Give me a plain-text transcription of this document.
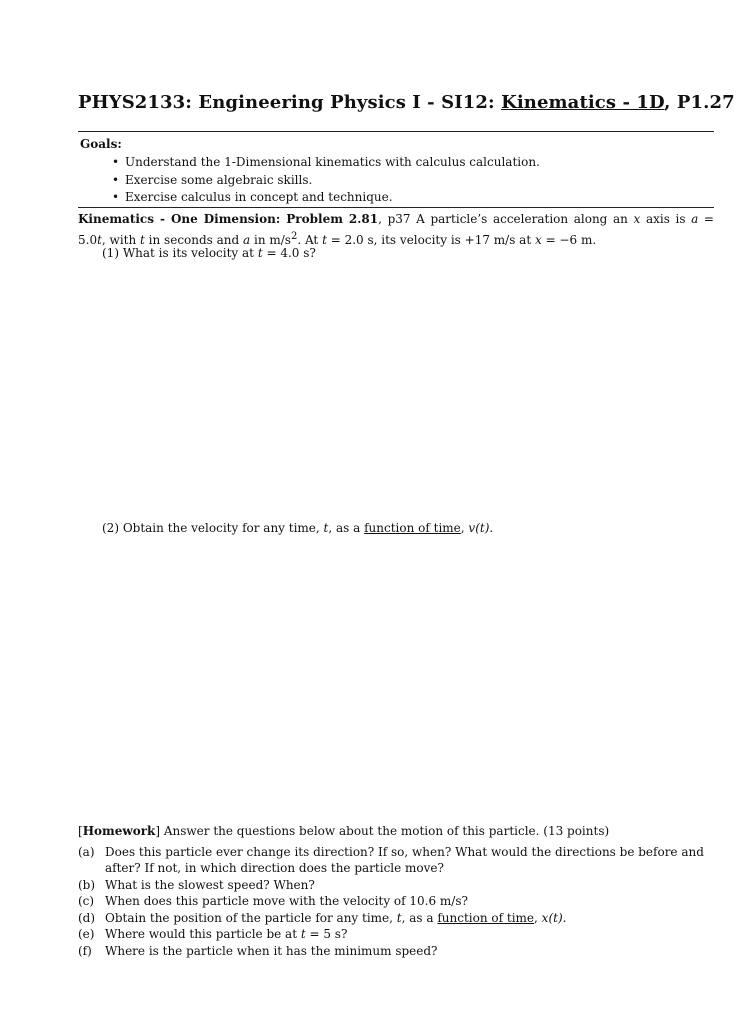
PHYS2133: Engineering Physics I - SI12: Kinematics - 1D, P1.27
Goals:
• Understand the 1-Dimensional kinematics with calculus calculation.
• Exercise some algebraic skills.
• Exercise calculus in concept and technique.
Kinematics - One Dimension: Problem 2.81, p37 A particle’s acceleration along an x axis is a = 5.0t, with t in seconds and a in $m/s^2$. At t = 2.0 s, its velocity is +17 m/s at x = −6 m.
(1) What is its velocity at t = 4.0 s?
(2) Obtain the velocity for any time, t, as a function of time, v(t).
[Homework] Answer the questions below about the motion of this particle. (13 points)
(a) Does this particle ever change its direction? If so, when? What would the directions be before and after? If not, in which direction does the particle move?
(b) What is the slowest speed? When?
(c) When does this particle move with the velocity of 10.6 m/s?
(d) Obtain the position of the particle for any time, t, as a function of time, x(t).
(e) Where would this particle be at t = 5 s?
(f)	Where is the particle when it has the minimum speed?
